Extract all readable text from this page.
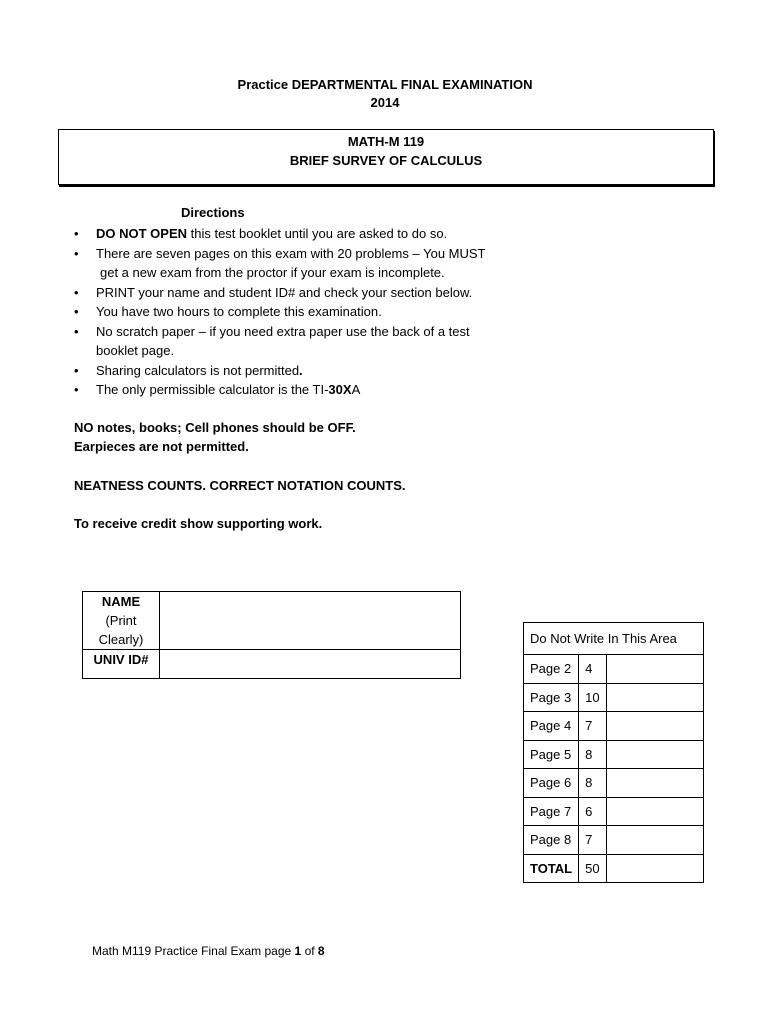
Practice DEPARTMENTAL FINAL EXAMINATION
2014
MATH-M 119
BRIEF SURVEY OF CALCULUS
Directions
• DO NOT OPEN this test booklet until you are asked to do so.
• There are seven pages on this exam with 20 problems – You MUST
get a new exam from the proctor if your exam is incomplete.
• PRINT your name and student ID# and check your section below.
• You have two hours to complete this examination.
• No scratch paper – if you need extra paper use the back of a test
booklet page.
• Sharing calculators is not permitted.
• The only permissible calculator is the TI-30XA
NO notes, books; Cell phones should be OFF.
Earpieces are not permitted.
NEATNESS COUNTS. CORRECT NOTATION COUNTS.
To receive credit show supporting work.
NAME
(Print
Clearly)	

UNIV ID#	
Do Not Write In This Area		
Page 2	4	
Page 3	10	
Page 4	7	
Page 5	8	
Page 6	8	
Page 7	6	
Page 8	7	
TOTAL	50	
Math M119 Practice Final Exam page 1 of 8
